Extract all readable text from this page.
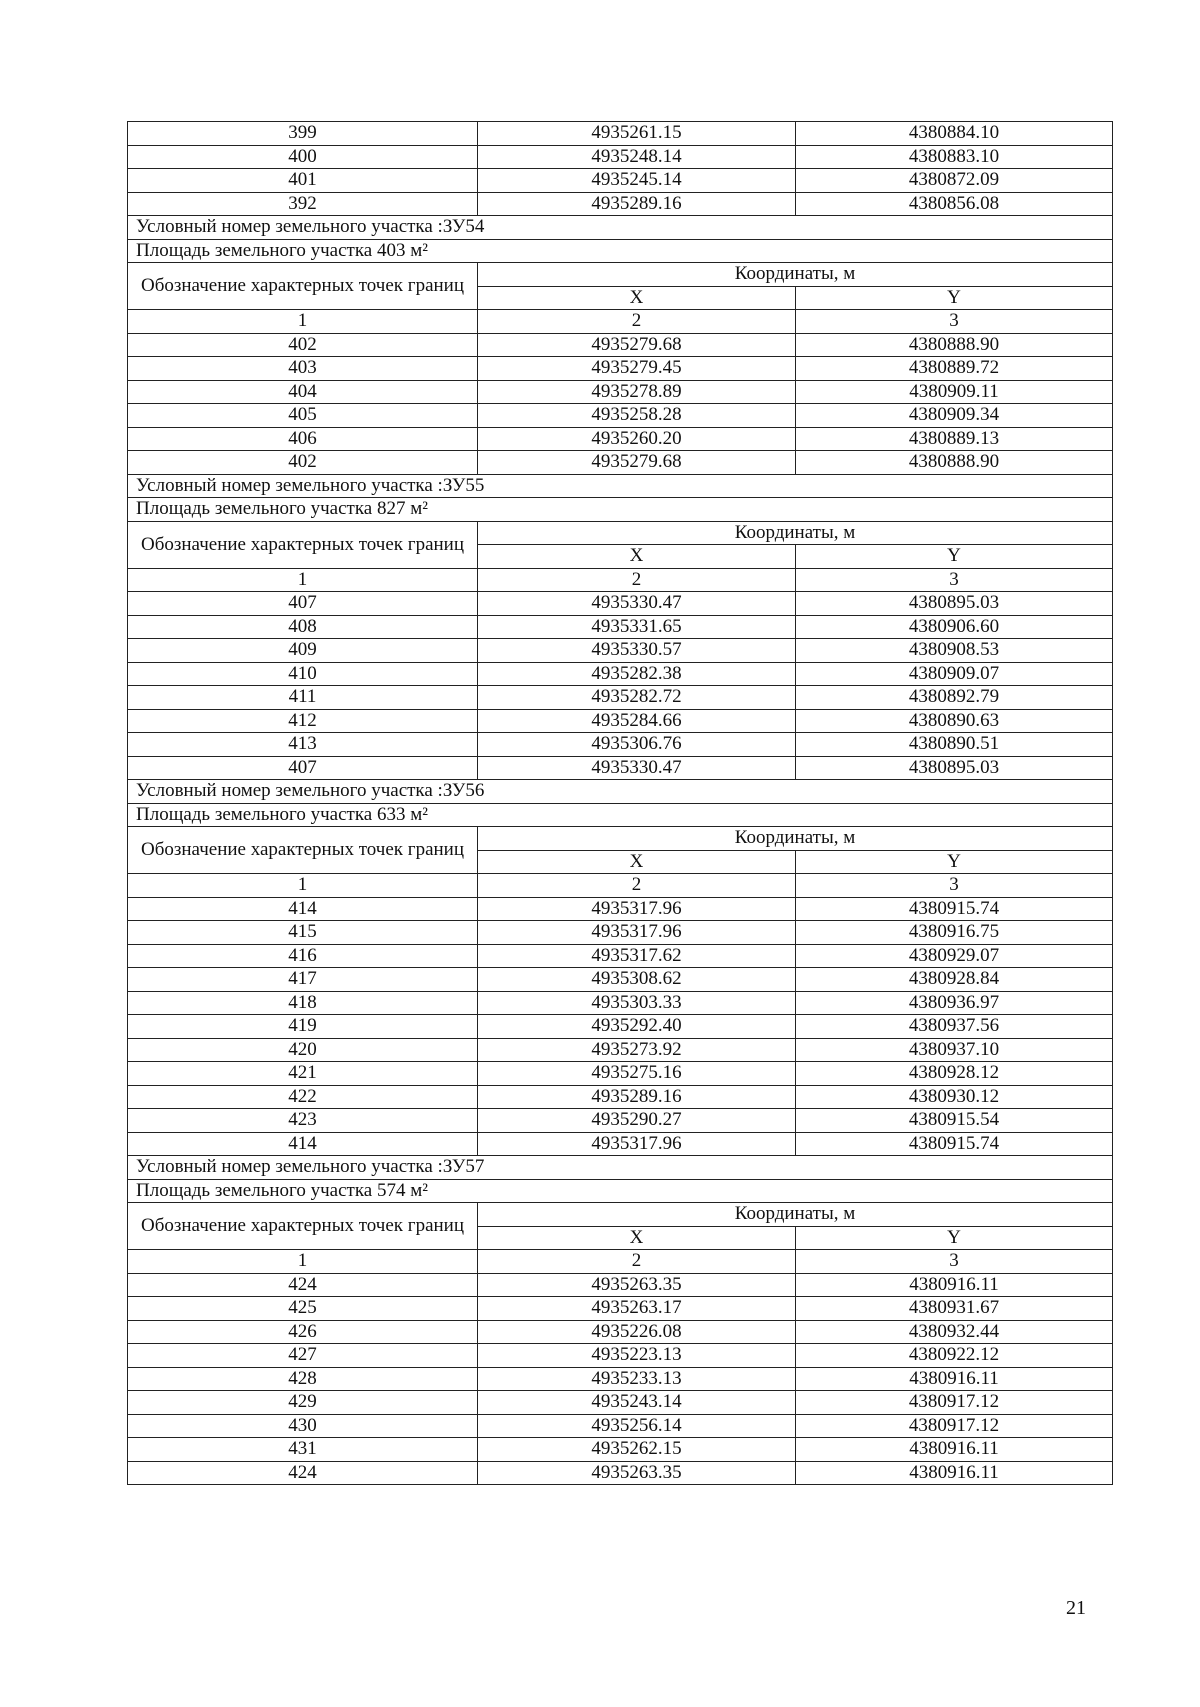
399	4935261.15	4380884.10
400	4935248.14	4380883.10
401	4935245.14	4380872.09
392	4935289.16	4380856.08
Условный номер земельного участка :ЗУ54		
Площадь земельного участка 403 м²		
Обозначение характерных точек границ	Координаты, м	
	X	Y
1	2	3
402	4935279.68	4380888.90
403	4935279.45	4380889.72
404	4935278.89	4380909.11
405	4935258.28	4380909.34
406	4935260.20	4380889.13
402	4935279.68	4380888.90
Условный номер земельного участка :ЗУ55		
Площадь земельного участка 827 м²		
Обозначение характерных точек границ	Координаты, м	
	X	Y
1	2	3
407	4935330.47	4380895.03
408	4935331.65	4380906.60
409	4935330.57	4380908.53
410	4935282.38	4380909.07
411	4935282.72	4380892.79
412	4935284.66	4380890.63
413	4935306.76	4380890.51
407	4935330.47	4380895.03
Условный номер земельного участка :ЗУ56		
Площадь земельного участка 633 м²		
Обозначение характерных точек границ	Координаты, м	
	X	Y
1	2	3
414	4935317.96	4380915.74
415	4935317.96	4380916.75
416	4935317.62	4380929.07
417	4935308.62	4380928.84
418	4935303.33	4380936.97
419	4935292.40	4380937.56
420	4935273.92	4380937.10
421	4935275.16	4380928.12
422	4935289.16	4380930.12
423	4935290.27	4380915.54
414	4935317.96	4380915.74
Условный номер земельного участка :ЗУ57		
Площадь земельного участка 574 м²		
Обозначение характерных точек границ	Координаты, м	
	X	Y
1	2	3
424	4935263.35	4380916.11
425	4935263.17	4380931.67
426	4935226.08	4380932.44
427	4935223.13	4380922.12
428	4935233.13	4380916.11
429	4935243.14	4380917.12
430	4935256.14	4380917.12
431	4935262.15	4380916.11
424	4935263.35	4380916.11
21
